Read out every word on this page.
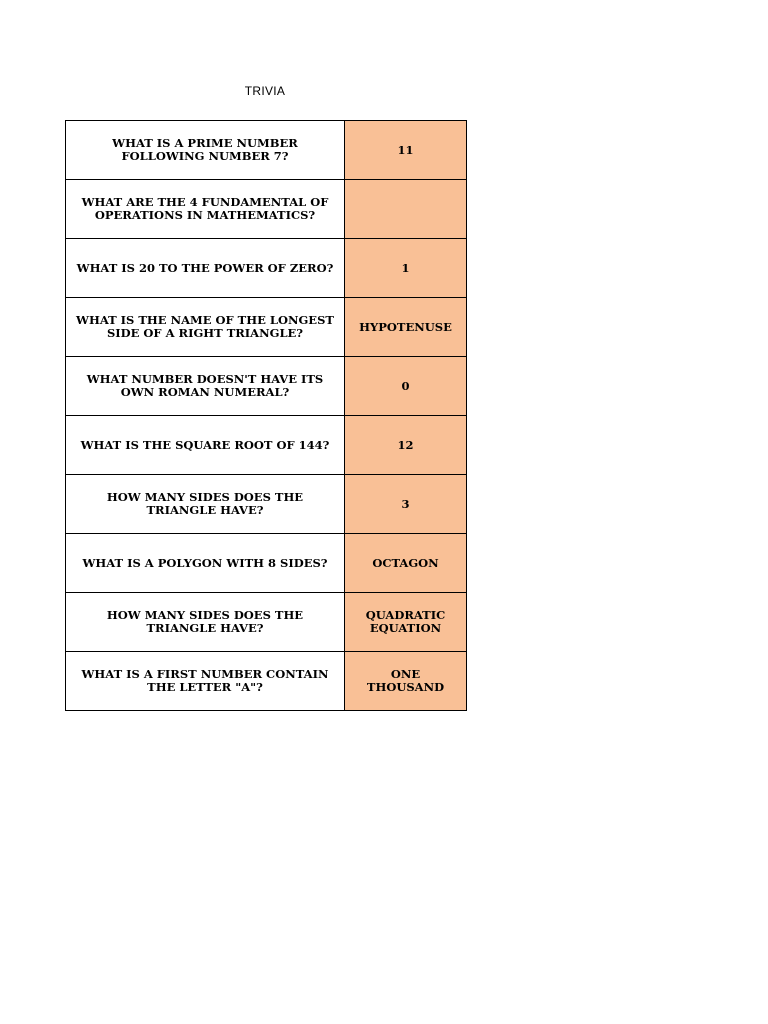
TRIVIA
WHAT IS A PRIME NUMBER FOLLOWING NUMBER 7?	11
WHAT ARE THE 4 FUNDAMENTAL OF OPERATIONS IN MATHEMATICS?	
WHAT IS 20 TO THE POWER OF ZERO?	1
WHAT IS THE NAME OF THE LONGEST SIDE OF A RIGHT TRIANGLE?	HYPOTENUSE
WHAT NUMBER DOESN'T HAVE ITS OWN ROMAN NUMERAL?	0
WHAT IS THE SQUARE ROOT OF 144?	12
HOW MANY SIDES DOES THE TRIANGLE HAVE?	3
WHAT IS A POLYGON WITH 8 SIDES?	OCTAGON
HOW MANY SIDES DOES THE TRIANGLE HAVE?	QUADRATIC EQUATION
WHAT IS A FIRST NUMBER CONTAIN THE LETTER "A"?	ONE THOUSAND
